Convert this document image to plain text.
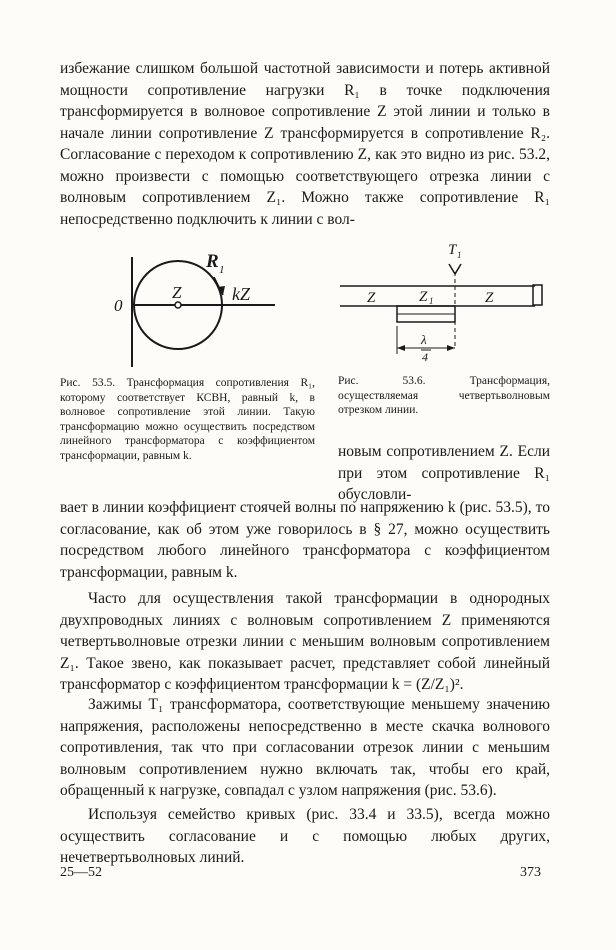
избежание слишком большой частотной зависимости и потерь активной мощности сопротивление нагрузки R₁ в точке подключения трансформируется в волновое сопротивление Z этой линии и только в начале линии сопротивление Z трансформируется в сопротивление R₂. Согласование с переходом к сопротивлению Z, как это видно из рис. 53.2, можно произвести с помощью соответствующего отрезка линии с волновым сопротивлением Z₁. Можно также сопротивление R₁ непосредственно подключить к линии с вол-

0
Z
R 1
kZ

Рис. 53.5. Трансформация сопротивления R₁, которому соответствует КСВН, равный k, в волновое сопротивление этой линии. Такую трансформацию можно осуществить посредством линейного трансформатора с коэффициентом трансформации, равным k.

T 1
Z	Z 1	Z
λ
4

Рис. 53.6. Трансформация, осуществляемая четвертьволновым отрезком линии.

новым сопротивлением Z. Если при этом сопротивление R₁ обусловли-

вает в линии коэффициент стоячей волны по напряжению k (рис. 53.5), то согласование, как об этом уже говорилось в § 27, можно осуществить посредством любого линейного трансформатора с коэффициентом трансформации, равным k.

Часто для осуществления такой трансформации в однородных двухпроводных линиях с волновым сопротивлением Z применяются четвертьволновые отрезки линии с меньшим волновым сопротивлением Z₁. Такое звено, как показывает расчет, представляет собой линейный трансформатор с коэффициентом трансформации k = (Z/Z₁)².

Зажимы T₁ трансформатора, соответствующие меньшему значению напряжения, расположены непосредственно в месте скачка волнового сопротивления, так что при согласовании отрезок линии с меньшим волновым сопротивлением нужно включать так, чтобы его край, обращенный к нагрузке, совпадал с узлом напряжения (рис. 53.6).

Используя семейство кривых (рис. 33.4 и 33.5), всегда можно осуществить согласование и с помощью любых других, нечетвертьволновых линий.

25—52	373
